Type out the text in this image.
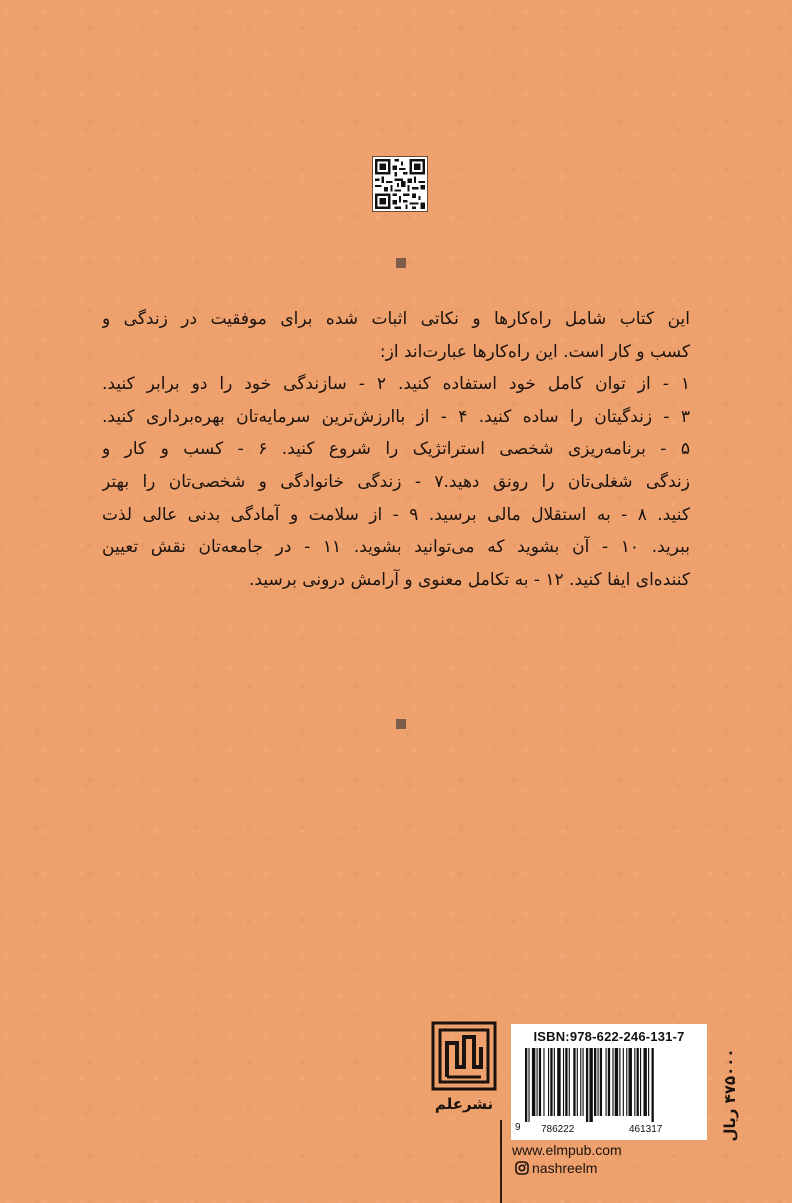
این کتاب شامل راه‌کارها و نکاتی اثبات شده برای موفقیت در زندگی و
کسب و کار است. این راه‌کارها عبارت‌اند از:
۱ - از توان کامل خود استفاده کنید. ۲ - سازندگی خود را دو برابر کنید.
۳ - زندگیتان را ساده کنید. ۴ - از باارزش‌ترین سرمایه‌تان بهره‌برداری کنید.
۵ - برنامه‌ریزی شخصی استراتژیک را شروع کنید. ۶ - کسب و کار و
زندگی شغلی‌تان را رونق دهید.۷ - زندگی خانوادگی و شخصی‌تان را بهتر
کنید. ۸ - به استقلال مالی برسید. ۹ - از سلامت و آمادگی بدنی عالی لذت
ببرید. ۱۰ - آن بشوید که می‌توانید بشوید. ۱۱ - در جامعه‌تان نقش تعیین
کننده‌ای ایفا کنید. ۱۲ - به تکامل معنوی و آرامش درونی برسید.
نشرعلم
ISBN:978-622-246-131-7
9 786222	461317
www.elmpub.com
nashreelm
۴۷۵۰۰۰ ریال
